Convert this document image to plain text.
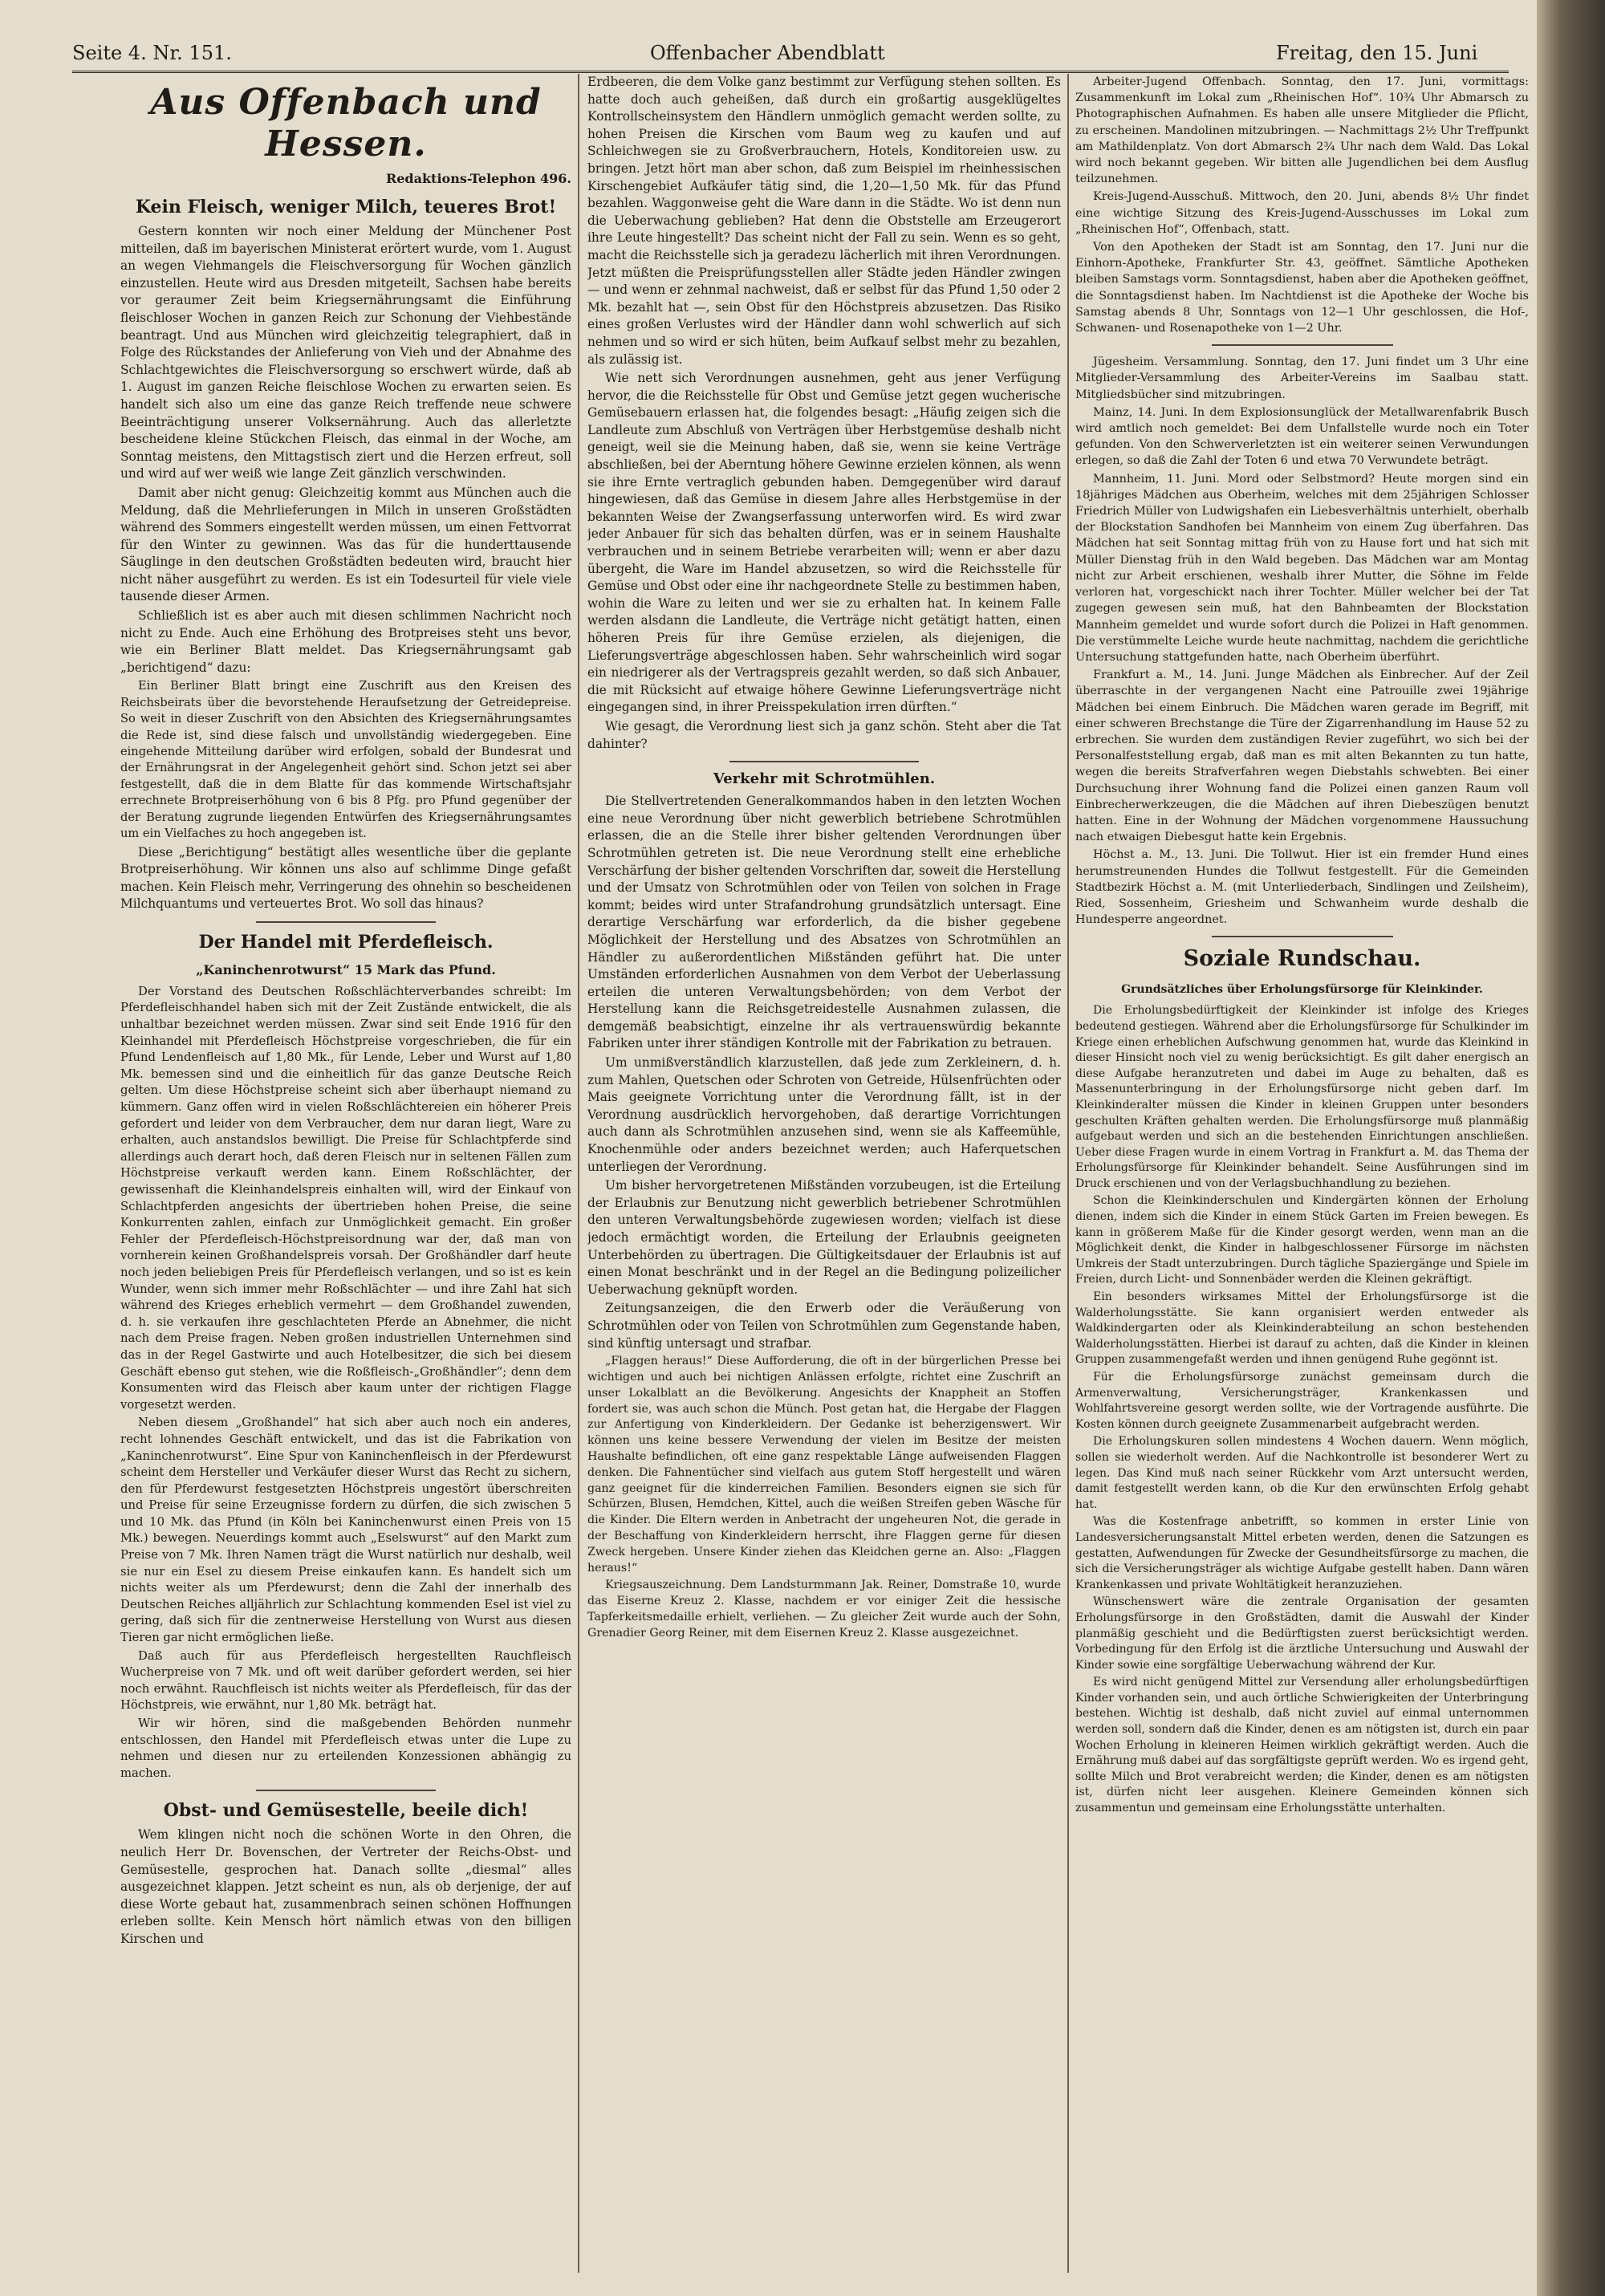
Seite 4. Nr. 151.	Offenbacher Abendblatt	Freitag, den 15. Juni
Aus Offenbach und Hessen.
Redaktions-Telephon 496.
Kein Fleisch, weniger Milch, teueres Brot!

Gestern konnten wir noch einer Meldung der Münchener Post mitteilen, daß im bayerischen Ministerat erörtert wurde, vom 1. August an wegen Viehmangels die Fleischversorgung für Wochen gänzlich einzustellen. Heute wird aus Dresden mitgeteilt, Sachsen habe bereits vor geraumer Zeit beim Kriegsernährungsamt die Einführung fleischloser Wochen in ganzen Reich zur Schonung der Viehbestände beantragt. Und aus München wird gleichzeitig telegraphiert, daß in Folge des Rückstandes der Anlieferung von Vieh und der Abnahme des Schlachtgewichtes die Fleischversorgung so erschwert würde, daß ab 1. August im ganzen Reiche fleischlose Wochen zu erwarten seien. Es handelt sich also um eine das ganze Reich treffende neue schwere Beeinträchtigung unserer Volksernährung. Auch das allerletzte bescheidene kleine Stückchen Fleisch, das einmal in der Woche, am Sonntag meistens, den Mittagstisch ziert und die Herzen erfreut, soll und wird auf wer weiß wie lange Zeit gänzlich verschwinden.

Damit aber nicht genug: Gleichzeitig kommt aus München auch die Meldung, daß die Mehrlieferungen in Milch in unseren Großstädten während des Sommers eingestellt werden müssen, um einen Fettvorrat für den Winter zu gewinnen. Was das für die hunderttausende Säuglinge in den deutschen Großstädten bedeuten wird, braucht hier nicht näher ausgeführt zu werden. Es ist ein Todesurteil für viele viele tausende dieser Armen.

Schließlich ist es aber auch mit diesen schlimmen Nachricht noch nicht zu Ende. Auch eine Erhöhung des Brotpreises steht uns bevor, wie ein Berliner Blatt meldet. Das Kriegsernährungsamt gab „berichtigend“ dazu:

Ein Berliner Blatt bringt eine Zuschrift aus den Kreisen des Reichsbeirats über die bevorstehende Heraufsetzung der Getreidepreise. So weit in dieser Zuschrift von den Absichten des Kriegsernährungsamtes die Rede ist, sind diese falsch und unvollständig wiedergegeben. Eine eingehende Mitteilung darüber wird erfolgen, sobald der Bundesrat und der Ernährungsrat in der Angelegenheit gehört sind. Schon jetzt sei aber festgestellt, daß die in dem Blatte für das kommende Wirtschaftsjahr errechnete Brotpreiserhöhung von 6 bis 8 Pfg. pro Pfund gegenüber der der Beratung zugrunde liegenden Entwürfen des Kriegsernährungsamtes um ein Vielfaches zu hoch angegeben ist.

Diese „Berichtigung“ bestätigt alles wesentliche über die geplante Brotpreiserhöhung. Wir können uns also auf schlimme Dinge gefaßt machen. Kein Fleisch mehr, Verringerung des ohnehin so bescheidenen Milchquantums und verteuertes Brot. Wo soll das hinaus?

Der Handel mit Pferdefleisch.
„Kaninchenrotwurst“ 15 Mark das Pfund.

Der Vorstand des Deutschen Roßschlächterverbandes schreibt: Im Pferdefleischhandel haben sich mit der Zeit Zustände entwickelt, die als unhaltbar bezeichnet werden müssen. Zwar sind seit Ende 1916 für den Kleinhandel mit Pferdefleisch Höchstpreise vorgeschrieben, die für ein Pfund Lendenfleisch auf 1,80 Mk., für Lende, Leber und Wurst auf 1,80 Mk. bemessen sind und die einheitlich für das ganze Deutsche Reich gelten. Um diese Höchstpreise scheint sich aber überhaupt niemand zu kümmern. Ganz offen wird in vielen Roßschlächtereien ein höherer Preis gefordert und leider von dem Verbraucher, dem nur daran liegt, Ware zu erhalten, auch anstandslos bewilligt. Die Preise für Schlachtpferde sind allerdings auch derart hoch, daß deren Fleisch nur in seltenen Fällen zum Höchstpreise verkauft werden kann. Einem Roßschlächter, der gewissenhaft die Kleinhandelspreis einhalten will, wird der Einkauf von Schlachtpferden angesichts der übertrieben hohen Preise, die seine Konkurrenten zahlen, einfach zur Unmöglichkeit gemacht. Ein großer Fehler der Pferdefleisch-Höchstpreisordnung war der, daß man von vornherein keinen Großhandelspreis vorsah. Der Großhändler darf heute noch jeden beliebigen Preis für Pferdefleisch verlangen, und so ist es kein Wunder, wenn sich immer mehr Roßschlächter — und ihre Zahl hat sich während des Krieges erheblich vermehrt — dem Großhandel zuwenden, d. h. sie verkaufen ihre geschlachteten Pferde an Abnehmer, die nicht nach dem Preise fragen. Neben großen industriellen Unternehmen sind das in der Regel Gastwirte und auch Hotelbesitzer, die sich bei diesem Geschäft ebenso gut stehen, wie die Roßfleisch-„Großhändler“; denn dem Konsumenten wird das Fleisch aber kaum unter der richtigen Flagge vorgesetzt werden.

Neben diesem „Großhandel“ hat sich aber auch noch ein anderes, recht lohnendes Geschäft entwickelt, und das ist die Fabrikation von „Kaninchenrotwurst“. Eine Spur von Kaninchenfleisch in der Pferdewurst scheint dem Hersteller und Verkäufer dieser Wurst das Recht zu sichern, den für Pferdewurst festgesetzten Höchstpreis ungestört überschreiten und Preise für seine Erzeugnisse fordern zu dürfen, die sich zwischen 5 und 10 Mk. das Pfund (in Köln bei Kaninchenwurst einen Preis von 15 Mk.) bewegen. Neuerdings kommt auch „Eselswurst“ auf den Markt zum Preise von 7 Mk. Ihren Namen trägt die Wurst natürlich nur deshalb, weil sie nur ein Esel zu diesem Preise einkaufen kann. Es handelt sich um nichts weiter als um Pferdewurst; denn die Zahl der innerhalb des Deutschen Reiches alljährlich zur Schlachtung kommenden Esel ist viel zu gering, daß sich für die zentnerweise Herstellung von Wurst aus diesen Tieren gar nicht ermöglichen ließe.

Daß auch für aus Pferdefleisch hergestellten Rauchfleisch Wucherpreise von 7 Mk. und oft weit darüber gefordert werden, sei hier noch erwähnt. Rauchfleisch ist nichts weiter als Pferdefleisch, für das der Höchstpreis, wie erwähnt, nur 1,80 Mk. beträgt hat.

Wir wir hören, sind die maßgebenden Behörden nunmehr entschlossen, den Handel mit Pferdefleisch etwas unter die Lupe zu nehmen und diesen nur zu erteilenden Konzessionen abhängig zu machen.

Obst- und Gemüsestelle, beeile dich!

Wem klingen nicht noch die schönen Worte in den Ohren, die neulich Herr Dr. Bovenschen, der Vertreter der Reichs-Obst- und Gemüsestelle, gesprochen hat. Danach sollte „diesmal“ alles ausgezeichnet klappen. Jetzt scheint es nun, als ob derjenige, der auf diese Worte gebaut hat, zusammenbrach seinen schönen Hoffnungen erleben sollte. Kein Mensch hört nämlich etwas von den billigen Kirschen und

Erdbeeren, die dem Volke ganz bestimmt zur Verfügung stehen sollten. Es hatte doch auch geheißen, daß durch ein großartig ausgeklügeltes Kontrollscheinsystem den Händlern unmöglich gemacht werden sollte, zu hohen Preisen die Kirschen vom Baum weg zu kaufen und auf Schleichwegen sie zu Großverbrauchern, Hotels, Konditoreien usw. zu bringen. Jetzt hört man aber schon, daß zum Beispiel im rheinhessischen Kirschengebiet Aufkäufer tätig sind, die 1,20—1,50 Mk. für das Pfund bezahlen. Waggonweise geht die Ware dann in die Städte. Wo ist denn nun die Ueberwachung geblieben? Hat denn die Obststelle am Erzeugerort ihre Leute hingestellt? Das scheint nicht der Fall zu sein. Wenn es so geht, macht die Reichsstelle sich ja geradezu lächerlich mit ihren Verordnungen. Jetzt müßten die Preisprüfungsstellen aller Städte jeden Händler zwingen — und wenn er zehnmal nachweist, daß er selbst für das Pfund 1,50 oder 2 Mk. bezahlt hat —, sein Obst für den Höchstpreis abzusetzen. Das Risiko eines großen Verlustes wird der Händler dann wohl schwerlich auf sich nehmen und so wird er sich hüten, beim Aufkauf selbst mehr zu bezahlen, als zulässig ist.

Wie nett sich Verordnungen ausnehmen, geht aus jener Verfügung hervor, die die Reichsstelle für Obst und Gemüse jetzt gegen wucherische Gemüsebauern erlassen hat, die folgendes besagt: „Häufig zeigen sich die Landleute zum Abschluß von Verträgen über Herbstgemüse deshalb nicht geneigt, weil sie die Meinung haben, daß sie, wenn sie keine Verträge abschließen, bei der Aberntung höhere Gewinne erzielen können, als wenn sie ihre Ernte vertraglich gebunden haben. Demgegenüber wird darauf hingewiesen, daß das Gemüse in diesem Jahre alles Herbstgemüse in der bekannten Weise der Zwangserfassung unterworfen wird. Es wird zwar jeder Anbauer für sich das behalten dürfen, was er in seinem Haushalte verbrauchen und in seinem Betriebe verarbeiten will; wenn er aber dazu übergeht, die Ware im Handel abzusetzen, so wird die Reichsstelle für Gemüse und Obst oder eine ihr nachgeordnete Stelle zu bestimmen haben, wohin die Ware zu leiten und wer sie zu erhalten hat. In keinem Falle werden alsdann die Landleute, die Verträge nicht getätigt hatten, einen höheren Preis für ihre Gemüse erzielen, als diejenigen, die Lieferungsverträge abgeschlossen haben. Sehr wahrscheinlich wird sogar ein niedrigerer als der Vertragspreis gezahlt werden, so daß sich Anbauer, die mit Rücksicht auf etwaige höhere Gewinne Lieferungsverträge nicht eingegangen sind, in ihrer Preisspekulation irren dürften.“

Wie gesagt, die Verordnung liest sich ja ganz schön. Steht aber die Tat dahinter?

Verkehr mit Schrotmühlen.

Die Stellvertretenden Generalkommandos haben in den letzten Wochen eine neue Verordnung über nicht gewerblich betriebene Schrotmühlen erlassen, die an die Stelle ihrer bisher geltenden Verordnungen über Schrotmühlen getreten ist. Die neue Verordnung stellt eine erhebliche Verschärfung der bisher geltenden Vorschriften dar, soweit die Herstellung und der Umsatz von Schrotmühlen oder von Teilen von solchen in Frage kommt; beides wird unter Strafandrohung grundsätzlich untersagt. Eine derartige Verschärfung war erforderlich, da die bisher gegebene Möglichkeit der Herstellung und des Absatzes von Schrotmühlen an Händler zu außerordentlichen Mißständen geführt hat. Die unter Umständen erforderlichen Ausnahmen von dem Verbot der Ueberlassung erteilen die unteren Verwaltungsbehörden; von dem Verbot der Herstellung kann die Reichsgetreidestelle Ausnahmen zulassen, die demgemäß beabsichtigt, einzelne ihr als vertrauenswürdig bekannte Fabriken unter ihrer ständigen Kontrolle mit der Fabrikation zu betrauen.

Um unmißverständlich klarzustellen, daß jede zum Zerkleinern, d. h. zum Mahlen, Quetschen oder Schroten von Getreide, Hülsenfrüchten oder Mais geeignete Vorrichtung unter die Verordnung fällt, ist in der Verordnung ausdrücklich hervorgehoben, daß derartige Vorrichtungen auch dann als Schrotmühlen anzusehen sind, wenn sie als Kaffeemühle, Knochenmühle oder anders bezeichnet werden; auch Haferquetschen unterliegen der Verordnung.

Um bisher hervorgetretenen Mißständen vorzubeugen, ist die Erteilung der Erlaubnis zur Benutzung nicht gewerblich betriebener Schrotmühlen den unteren Verwaltungsbehörde zugewiesen worden; vielfach ist diese jedoch ermächtigt worden, die Erteilung der Erlaubnis geeigneten Unterbehörden zu übertragen. Die Gültigkeitsdauer der Erlaubnis ist auf einen Monat beschränkt und in der Regel an die Bedingung polizeilicher Ueberwachung geknüpft worden.

Zeitungsanzeigen, die den Erwerb oder die Veräußerung von Schrotmühlen oder von Teilen von Schrotmühlen zum Gegenstande haben, sind künftig untersagt und strafbar.

„Flaggen heraus!“ Diese Aufforderung, die oft in der bürgerlichen Presse bei wichtigen und auch bei nichtigen Anlässen erfolgte, richtet eine Zuschrift an unser Lokalblatt an die Bevölkerung. Angesichts der Knappheit an Stoffen fordert sie, was auch schon die Münch. Post getan hat, die Hergabe der Flaggen zur Anfertigung von Kinderkleidern. Der Gedanke ist beherzigenswert. Wir können uns keine bessere Verwendung der vielen im Besitze der meisten Haushalte befindlichen, oft eine ganz respektable Länge aufweisenden Flaggen denken. Die Fahnentücher sind vielfach aus gutem Stoff hergestellt und wären ganz geeignet für die kinderreichen Familien. Besonders eignen sie sich für Schürzen, Blusen, Hemdchen, Kittel, auch die weißen Streifen geben Wäsche für die Kinder. Die Eltern werden in Anbetracht der ungeheuren Not, die gerade in der Beschaffung von Kinderkleidern herrscht, ihre Flaggen gerne für diesen Zweck hergeben. Unsere Kinder ziehen das Kleidchen gerne an. Also: „Flaggen heraus!“

Kriegsauszeichnung. Dem Landsturmmann Jak. Reiner, Domstraße 10, wurde das Eiserne Kreuz 2. Klasse, nachdem er vor einiger Zeit die hessische Tapferkeitsmedaille erhielt, verliehen. — Zu gleicher Zeit wurde auch der Sohn, Grenadier Georg Reiner, mit dem Eisernen Kreuz 2. Klasse ausgezeichnet.

Arbeiter-Jugend Offenbach. Sonntag, den 17. Juni, vormittags: Zusammenkunft im Lokal zum „Rheinischen Hof“. 10¾ Uhr Abmarsch zu Photographischen Aufnahmen. Es haben alle unsere Mitglieder die Pflicht, zu erscheinen. Mandolinen mitzubringen. — Nachmittags 2½ Uhr Treffpunkt am Mathildenplatz. Von dort Abmarsch 2¾ Uhr nach dem Wald. Das Lokal wird noch bekannt gegeben. Wir bitten alle Jugendlichen bei dem Ausflug teilzunehmen.

Kreis-Jugend-Ausschuß. Mittwoch, den 20. Juni, abends 8½ Uhr findet eine wichtige Sitzung des Kreis-Jugend-Ausschusses im Lokal zum „Rheinischen Hof“, Offenbach, statt.

Von den Apotheken der Stadt ist am Sonntag, den 17. Juni nur die Einhorn-Apotheke, Frankfurter Str. 43, geöffnet. Sämtliche Apotheken bleiben Samstags vorm. Sonntagsdienst, haben aber die Apotheken geöffnet, die Sonntagsdienst haben. Im Nachtdienst ist die Apotheke der Woche bis Samstag abends 8 Uhr, Sonntags von 12—1 Uhr geschlossen, die Hof-, Schwanen- und Rosenapotheke von 1—2 Uhr.

Jügesheim. Versammlung. Sonntag, den 17. Juni findet um 3 Uhr eine Mitglieder-Versammlung des Arbeiter-Vereins im Saalbau statt. Mitgliedsbücher sind mitzubringen.

Mainz, 14. Juni. In dem Explosionsunglück der Metallwarenfabrik Busch wird amtlich noch gemeldet: Bei dem Unfallstelle wurde noch ein Toter gefunden. Von den Schwerverletzten ist ein weiterer seinen Verwundungen erlegen, so daß die Zahl der Toten 6 und etwa 70 Verwundete beträgt.

Mannheim, 11. Juni. Mord oder Selbstmord? Heute morgen sind ein 18jähriges Mädchen aus Oberheim, welches mit dem 25jährigen Schlosser Friedrich Müller von Ludwigshafen ein Liebesverhältnis unterhielt, oberhalb der Blockstation Sandhofen bei Mannheim von einem Zug überfahren. Das Mädchen hat seit Sonntag mittag früh von zu Hause fort und hat sich mit Müller Dienstag früh in den Wald begeben. Das Mädchen war am Montag nicht zur Arbeit erschienen, weshalb ihrer Mutter, die Söhne im Felde verloren hat, vorgeschickt nach ihrer Tochter. Müller welcher bei der Tat zugegen gewesen sein muß, hat den Bahnbeamten der Blockstation Mannheim gemeldet und wurde sofort durch die Polizei in Haft genommen. Die verstümmelte Leiche wurde heute nachmittag, nachdem die gerichtliche Untersuchung stattgefunden hatte, nach Oberheim überführt.

Frankfurt a. M., 14. Juni. Junge Mädchen als Einbrecher. Auf der Zeil überraschte in der vergangenen Nacht eine Patrouille zwei 19jährige Mädchen bei einem Einbruch. Die Mädchen waren gerade im Begriff, mit einer schweren Brechstange die Türe der Zigarrenhandlung im Hause 52 zu erbrechen. Sie wurden dem zuständigen Revier zugeführt, wo sich bei der Personalfeststellung ergab, daß man es mit alten Bekannten zu tun hatte, wegen die bereits Strafverfahren wegen Diebstahls schwebten. Bei einer Durchsuchung ihrer Wohnung fand die Polizei einen ganzen Raum voll Einbrecherwerkzeugen, die die Mädchen auf ihren Diebeszügen benutzt hatten. Eine in der Wohnung der Mädchen vorgenommene Haussuchung nach etwaigen Diebesgut hatte kein Ergebnis.

Höchst a. M., 13. Juni. Die Tollwut. Hier ist ein fremder Hund eines herumstreunenden Hundes die Tollwut festgestellt. Für die Gemeinden Stadtbezirk Höchst a. M. (mit Unterliederbach, Sindlingen und Zeilsheim), Ried, Sossenheim, Griesheim und Schwanheim wurde deshalb die Hundesperre angeordnet.

Soziale Rundschau.
Grundsätzliches über Erholungsfürsorge für Kleinkinder.

Die Erholungsbedürftigkeit der Kleinkinder ist infolge des Krieges bedeutend gestiegen. Während aber die Erholungsfürsorge für Schulkinder im Kriege einen erheblichen Aufschwung genommen hat, wurde das Kleinkind in dieser Hinsicht noch viel zu wenig berücksichtigt. Es gilt daher energisch an diese Aufgabe heranzutreten und dabei im Auge zu behalten, daß es Massenunterbringung in der Erholungsfürsorge nicht geben darf. Im Kleinkinderalter müssen die Kinder in kleinen Gruppen unter besonders geschulten Kräften gehalten werden. Die Erholungsfürsorge muß planmäßig aufgebaut werden und sich an die bestehenden Einrichtungen anschließen. Ueber diese Fragen wurde in einem Vortrag in Frankfurt a. M. das Thema der Erholungsfürsorge für Kleinkinder behandelt. Seine Ausführungen sind im Druck erschienen und von der Verlagsbuchhandlung zu beziehen.

Schon die Kleinkinderschulen und Kindergärten können der Erholung dienen, indem sich die Kinder in einem Stück Garten im Freien bewegen. Es kann in größerem Maße für die Kinder gesorgt werden, wenn man an die Möglichkeit denkt, die Kinder in halbgeschlossener Fürsorge im nächsten Umkreis der Stadt unterzubringen. Durch tägliche Spaziergänge und Spiele im Freien, durch Licht- und Sonnenbäder werden die Kleinen gekräftigt.

Ein besonders wirksames Mittel der Erholungsfürsorge ist die Walderholungsstätte. Sie kann organisiert werden entweder als Waldkindergarten oder als Kleinkinderabteilung an schon bestehenden Walderholungsstätten. Hierbei ist darauf zu achten, daß die Kinder in kleinen Gruppen zusammengefaßt werden und ihnen genügend Ruhe gegönnt ist.

Für die Erholungsfürsorge zunächst gemeinsam durch die Armenverwaltung, Versicherungsträger, Krankenkassen und Wohlfahrtsvereine gesorgt werden sollte, wie der Vortragende ausführte. Die Kosten können durch geeignete Zusammenarbeit aufgebracht werden.

Die Erholungskuren sollen mindestens 4 Wochen dauern. Wenn möglich, sollen sie wiederholt werden. Auf die Nachkontrolle ist besonderer Wert zu legen. Das Kind muß nach seiner Rückkehr vom Arzt untersucht werden, damit festgestellt werden kann, ob die Kur den erwünschten Erfolg gehabt hat.

Was die Kostenfrage anbetrifft, so kommen in erster Linie von Landesversicherungsanstalt Mittel erbeten werden, denen die Satzungen es gestatten, Aufwendungen für Zwecke der Gesundheitsfürsorge zu machen, die sich die Versicherungsträger als wichtige Aufgabe gestellt haben. Dann wären Krankenkassen und private Wohltätigkeit heranzuziehen.

Wünschenswert wäre die zentrale Organisation der gesamten Erholungsfürsorge in den Großstädten, damit die Auswahl der Kinder planmäßig geschieht und die Bedürftigsten zuerst berücksichtigt werden. Vorbedingung für den Erfolg ist die ärztliche Untersuchung und Auswahl der Kinder sowie eine sorgfältige Ueberwachung während der Kur.

Es wird nicht genügend Mittel zur Versendung aller erholungsbedürftigen Kinder vorhanden sein, und auch örtliche Schwierigkeiten der Unterbringung bestehen. Wichtig ist deshalb, daß nicht zuviel auf einmal unternommen werden soll, sondern daß die Kinder, denen es am nötigsten ist, durch ein paar Wochen Erholung in kleineren Heimen wirklich gekräftigt werden. Auch die Ernährung muß dabei auf das sorgfältigste geprüft werden. Wo es irgend geht, sollte Milch und Brot verabreicht werden; die Kinder, denen es am nötigsten ist, dürfen nicht leer ausgehen. Kleinere Gemeinden können sich zusammentun und gemeinsam eine Erholungsstätte unterhalten.
